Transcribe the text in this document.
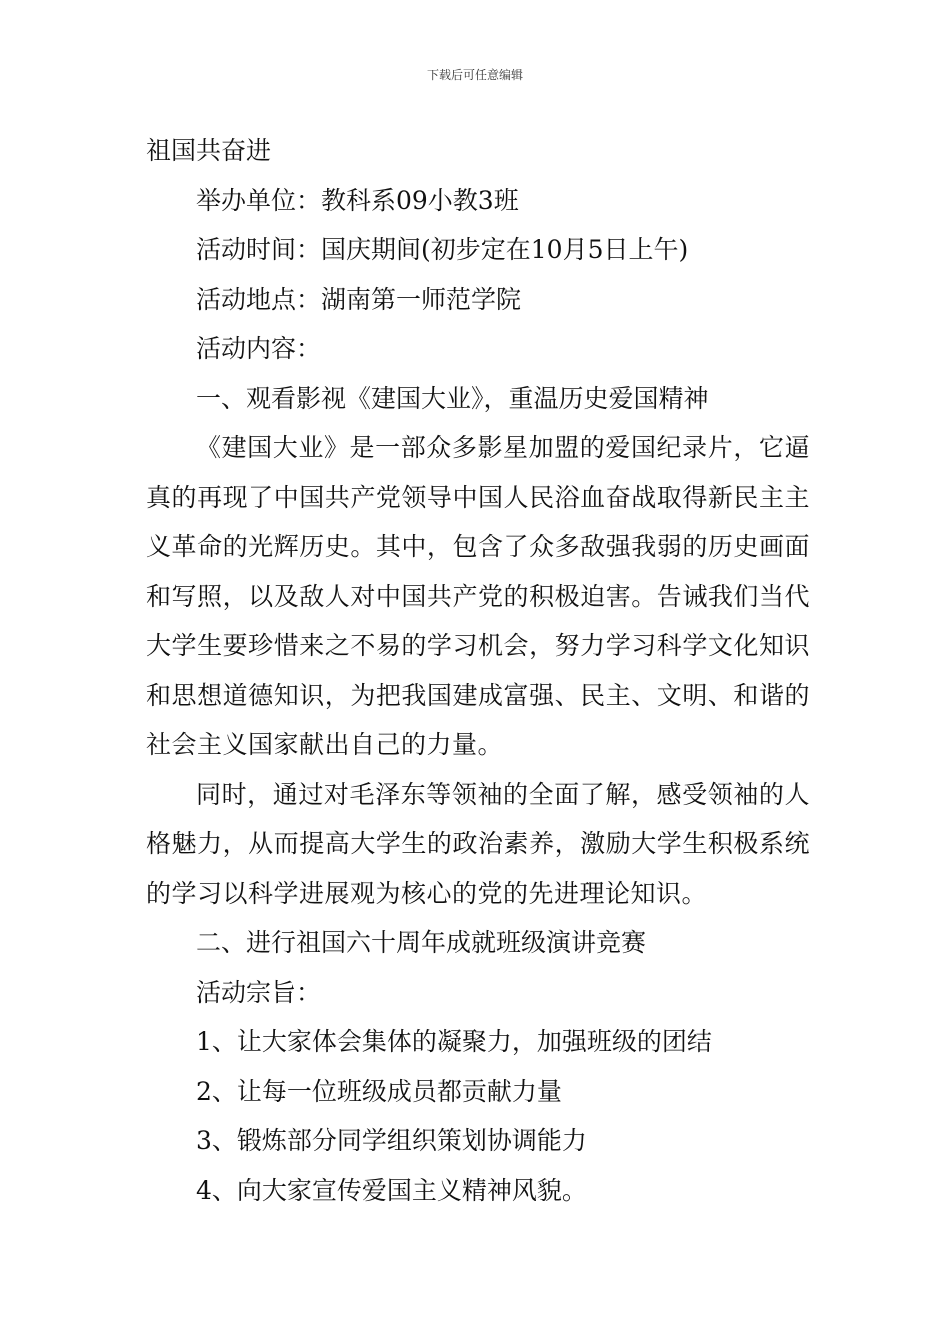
下载后可任意编辑

祖国共奋进

举办单位：教科系09小教3班

活动时间：国庆期间(初步定在10月5日上午)

活动地点：湖南第一师范学院

活动内容：

一、观看影视《建国大业》，重温历史爱国精神

《建国大业》是一部众多影星加盟的爱国纪录片，它逼真的再现了中国共产党领导中国人民浴血奋战取得新民主主义革命的光辉历史。其中，包含了众多敌强我弱的历史画面和写照，以及敌人对中国共产党的积极迫害。告诫我们当代大学生要珍惜来之不易的学习机会，努力学习科学文化知识和思想道德知识，为把我国建成富强、民主、文明、和谐的社会主义国家献出自己的力量。

同时，通过对毛泽东等领袖的全面了解，感受领袖的人格魅力，从而提高大学生的政治素养，激励大学生积极系统的学习以科学进展观为核心的党的先进理论知识。

二、进行祖国六十周年成就班级演讲竞赛

活动宗旨：

1、让大家体会集体的凝聚力，加强班级的团结

2、让每一位班级成员都贡献力量

3、锻炼部分同学组织策划协调能力

4、向大家宣传爱国主义精神风貌。
